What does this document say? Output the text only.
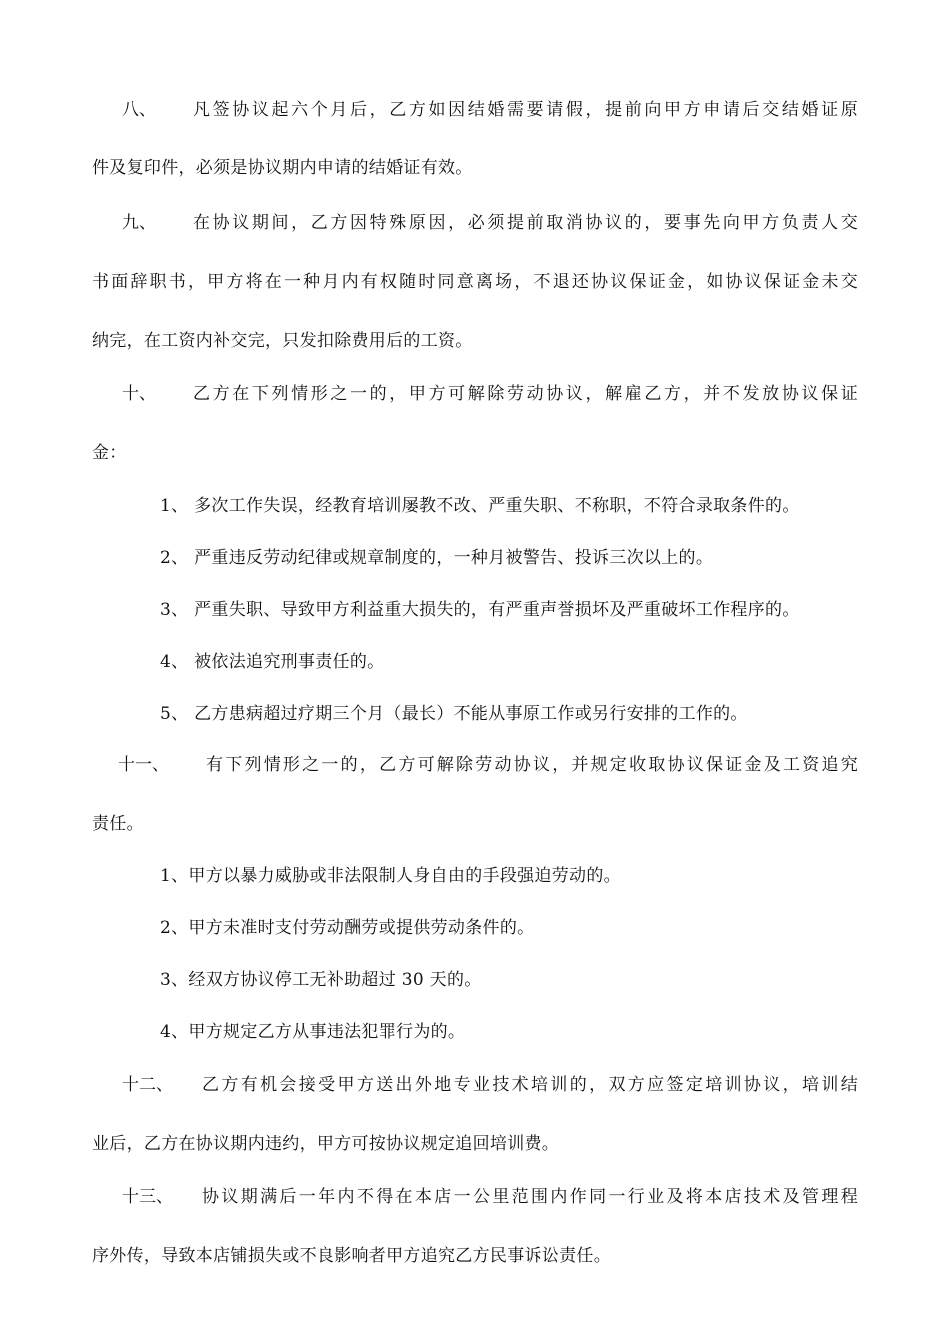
八、 凡签协议起六个月后，乙方如因结婚需要请假，提前向甲方申请后交结婚证原
件及复印件，必须是协议期内申请的结婚证有效。
九、 在协议期间，乙方因特殊原因，必须提前取消协议的，要事先向甲方负责人交
书面辞职书，甲方将在一种月内有权随时同意离场，不退还协议保证金，如协议保证金未交
纳完，在工资内补交完，只发扣除费用后的工资。
十、 乙方在下列情形之一的，甲方可解除劳动协议，解雇乙方，并不发放协议保证
金：
1、 多次工作失误，经教育培训屡教不改、严重失职、不称职，不符合录取条件的。
2、 严重违反劳动纪律或规章制度的，一种月被警告、投诉三次以上的。
3、 严重失职、导致甲方利益重大损失的，有严重声誉损坏及严重破坏工作程序的。
4、 被依法追究刑事责任的。
5、 乙方患病超过疗期三个月（最长）不能从事原工作或另行安排的工作的。
十一、 有下列情形之一的，乙方可解除劳动协议，并规定收取协议保证金及工资追究
责任。
1、甲方以暴力威胁或非法限制人身自由的手段强迫劳动的。
2、甲方未准时支付劳动酬劳或提供劳动条件的。
3、经双方协议停工无补助超过 30 天的。
4、甲方规定乙方从事违法犯罪行为的。
十二、 乙方有机会接受甲方送出外地专业技术培训的，双方应签定培训协议，培训结
业后，乙方在协议期内违约，甲方可按协议规定追回培训费。
十三、 协议期满后一年内不得在本店一公里范围内作同一行业及将本店技术及管理程
序外传，导致本店铺损失或不良影响者甲方追究乙方民事诉讼责任。
